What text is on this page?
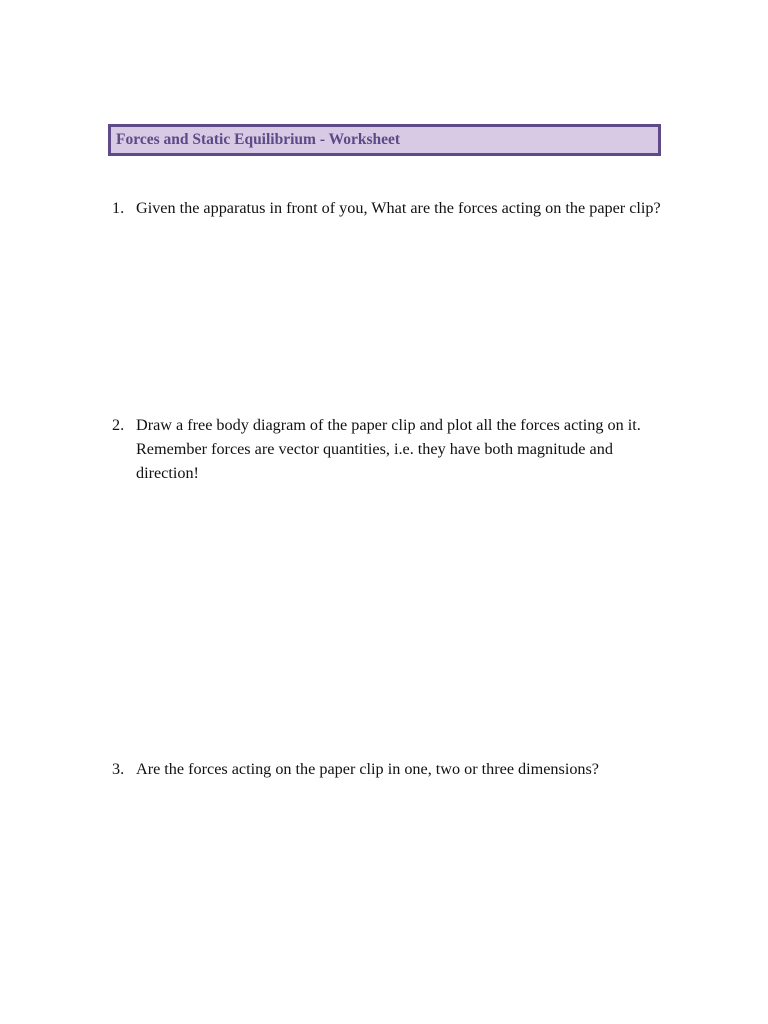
Forces and Static Equilibrium - Worksheet
1. Given the apparatus in front of you, What are the forces acting on the paper clip?
2. Draw a free body diagram of the paper clip and plot all the forces acting on it. Remember forces are vector quantities, i.e. they have both magnitude and direction!
3. Are the forces acting on the paper clip in one, two or three dimensions?
